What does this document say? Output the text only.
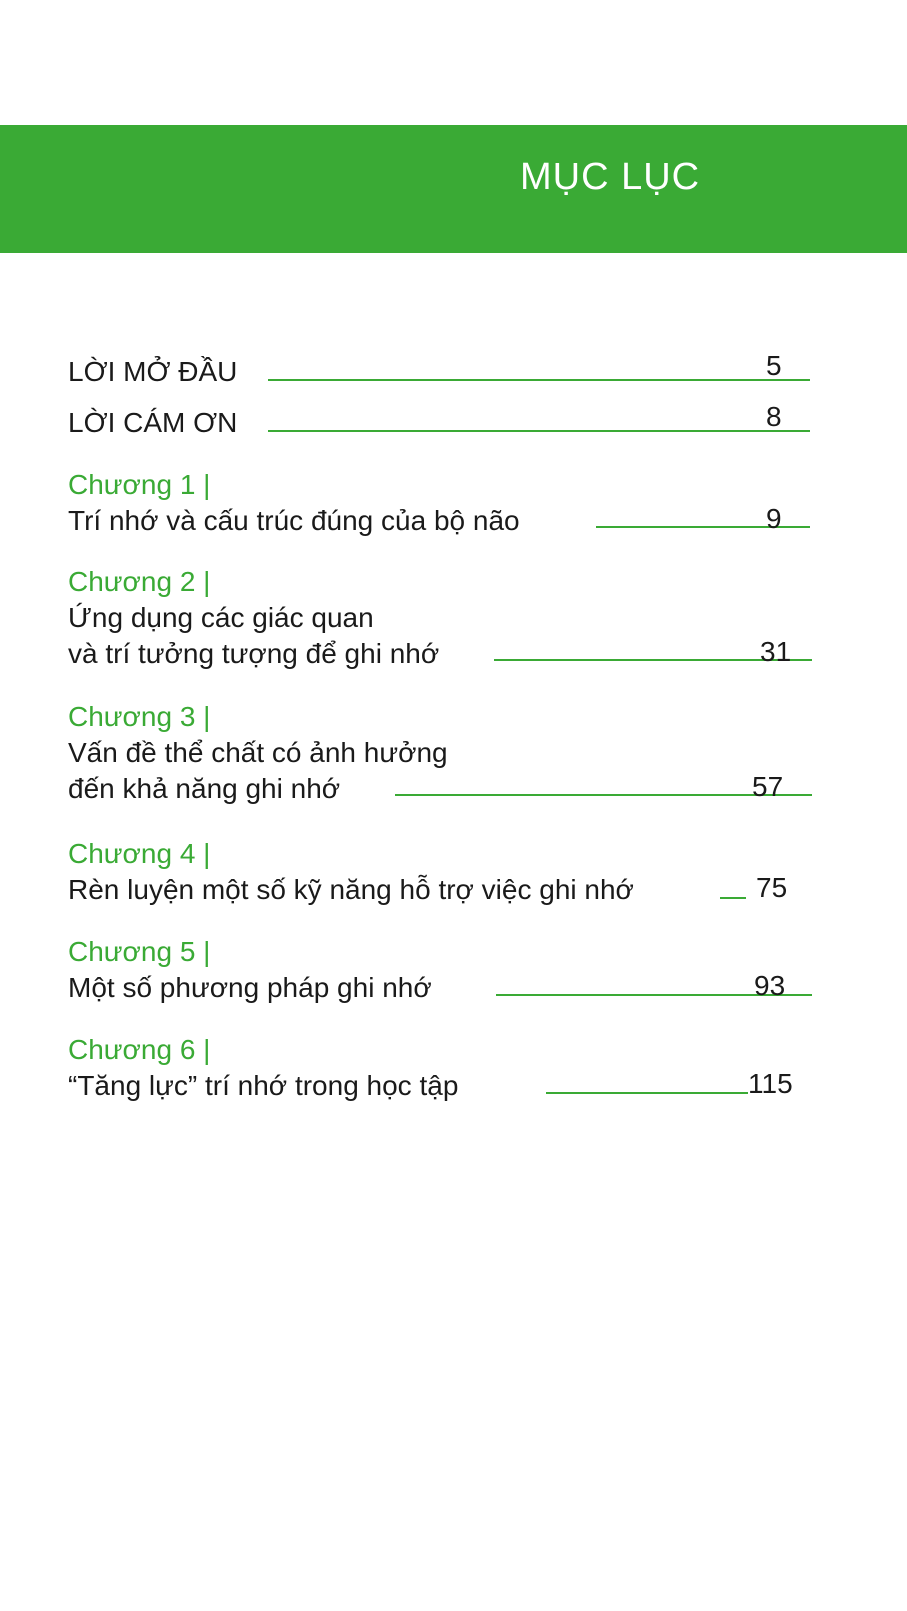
MỤC LỤC
LỜI MỞ ĐẦU	5
LỜI CÁM ƠN	8
Chương 1 |
Trí nhớ và cấu trúc đúng của bộ não	9
Chương 2 |
Ứng dụng các giác quan
và trí tưởng tượng để ghi nhớ	31
Chương 3 |
Vấn đề thể chất có ảnh hưởng
đến khả năng ghi nhớ	57
Chương 4 |
Rèn luyện một số kỹ năng hỗ trợ việc ghi nhớ	75
Chương 5 |
Một số phương pháp ghi nhớ	93
Chương 6 |
“Tăng lực” trí nhớ trong học tập	115
